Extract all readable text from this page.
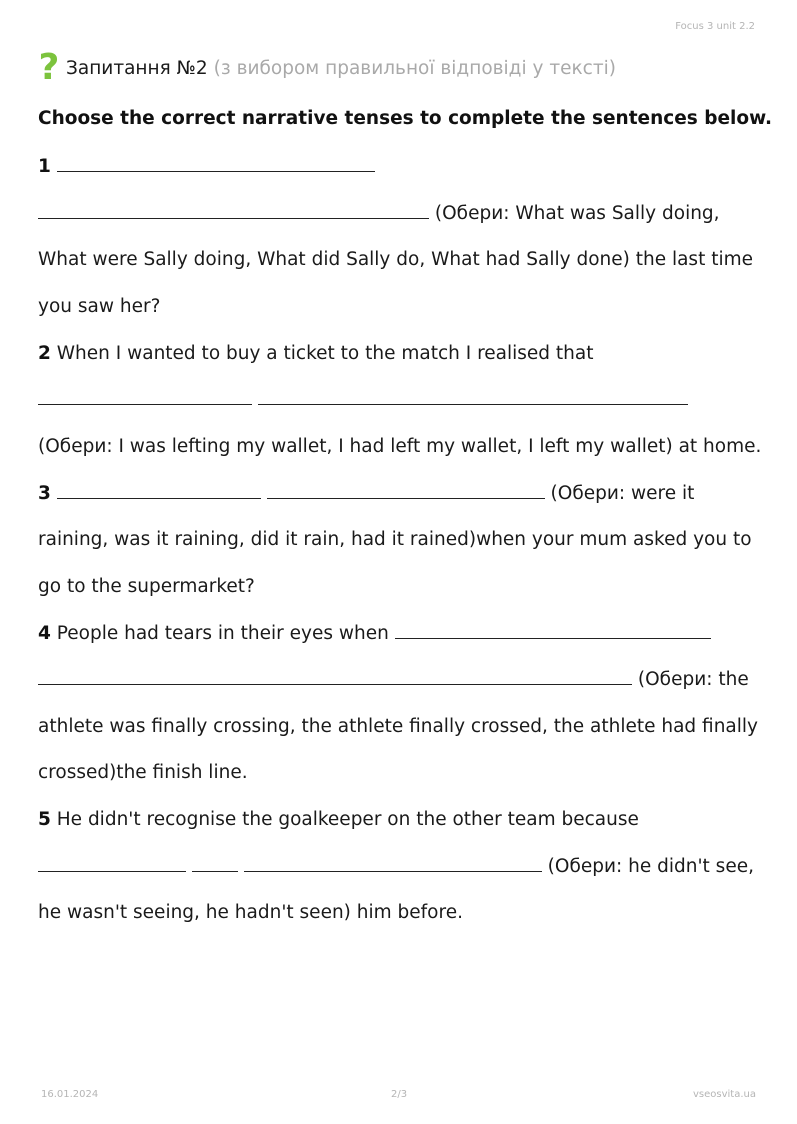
Focus 3 unit 2.2
? Запитання №2 (з вибором правильної відповіді у тексті)
Choose the correct narrative tenses to complete the sentences below.
1
(Обери: What was Sally doing,
What were Sally doing, What did Sally do, What had Sally done) the last time
you saw her?
2 When I wanted to buy a ticket to the match I realised that

(Обери: I was lefting my wallet, I had left my wallet, I left my wallet) at home.
3	(Обери: were it
raining, was it raining, did it rain, had it rained)when your mum asked you to
go to the supermarket?
4 People had tears in their eyes when
(Обери: the
athlete was finally crossing, the athlete finally crossed, the athlete had finally
crossed)the finish line.
5 He didn't recognise the goalkeeper on the other team because
(Обери: he didn't see,
he wasn't seeing, he hadn't seen) him before.
16.01.2024	2/3	vseosvita.ua
